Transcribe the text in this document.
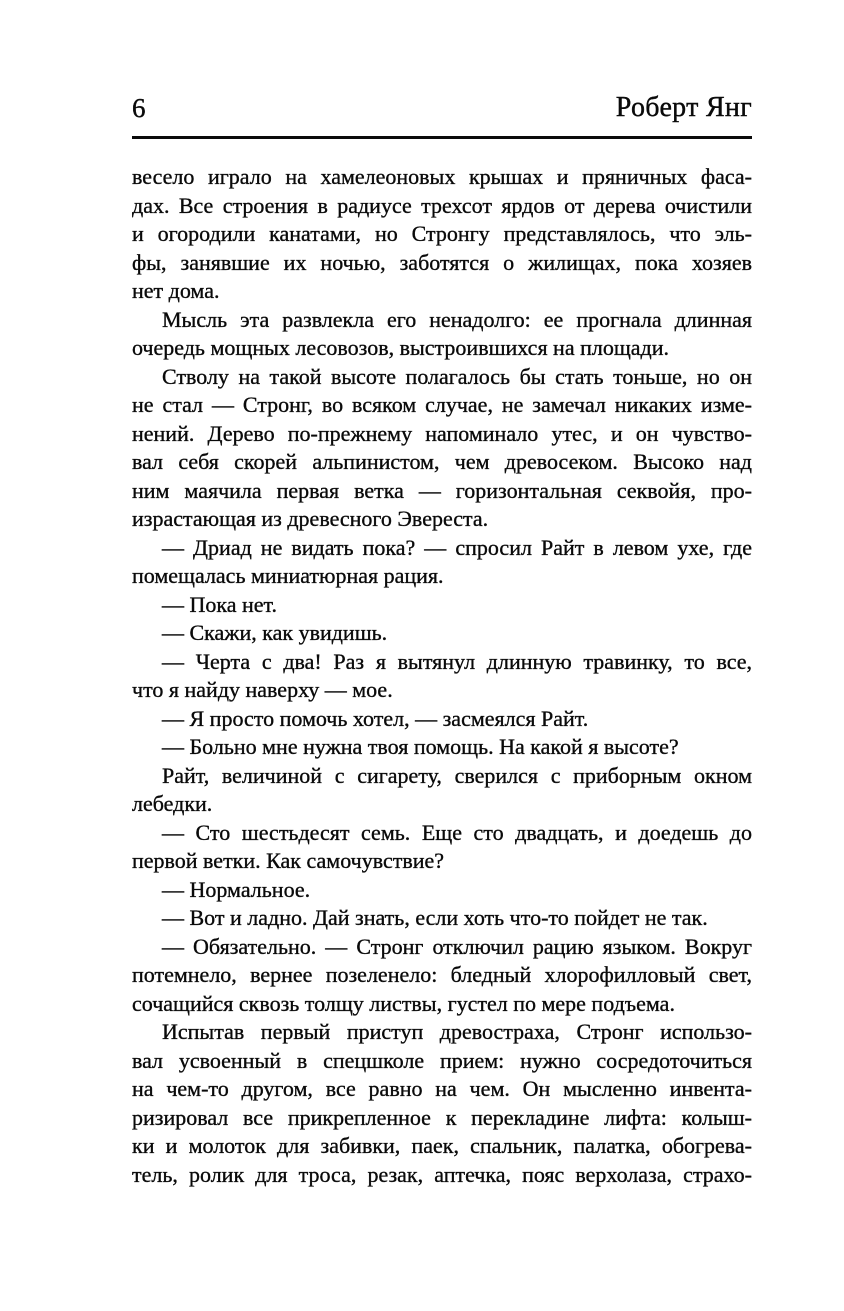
6	Роберт Янг
весело играло на хамелеоновых крышах и пряничных фаса-
дах. Все строения в радиусе трехсот ярдов от дерева очистили
и огородили канатами, но Стронгу представлялось, что эль-
фы, занявшие их ночью, заботятся о жилищах, пока хозяев
нет дома.
Мысль эта развлекла его ненадолго: ее прогнала длинная
очередь мощных лесовозов, выстроившихся на площади.
Стволу на такой высоте полагалось бы стать тоньше, но он
не стал — Стронг, во всяком случае, не замечал никаких изме-
нений. Дерево по-прежнему напоминало утес, и он чувство-
вал себя скорей альпинистом, чем древосеком. Высоко над
ним маячила первая ветка — горизонтальная секвойя, про-
израстающая из древесного Эвереста.
— Дриад не видать пока? — спросил Райт в левом ухе, где
помещалась миниатюрная рация.
— Пока нет.
— Скажи, как увидишь.
— Черта с два! Раз я вытянул длинную травинку, то все,
что я найду наверху — мое.
— Я просто помочь хотел, — засмеялся Райт.
— Больно мне нужна твоя помощь. На какой я высоте?
Райт, величиной с сигарету, сверился с приборным окном
лебедки.
— Сто шестьдесят семь. Еще сто двадцать, и доедешь до
первой ветки. Как самочувствие?
— Нормальное.
— Вот и ладно. Дай знать, если хоть что-то пойдет не так.
— Обязательно. — Стронг отключил рацию языком. Вокруг
потемнело, вернее позеленело: бледный хлорофилловый свет,
сочащийся сквозь толщу листвы, густел по мере подъема.
Испытав первый приступ древостраха, Стронг использо-
вал усвоенный в спецшколе прием: нужно сосредоточиться
на чем-то другом, все равно на чем. Он мысленно инвента-
ризировал все прикрепленное к перекладине лифта: колыш-
ки и молоток для забивки, паек, спальник, палатка, обогрева-
тель, ролик для троса, резак, аптечка, пояс верхолаза, страхо-
